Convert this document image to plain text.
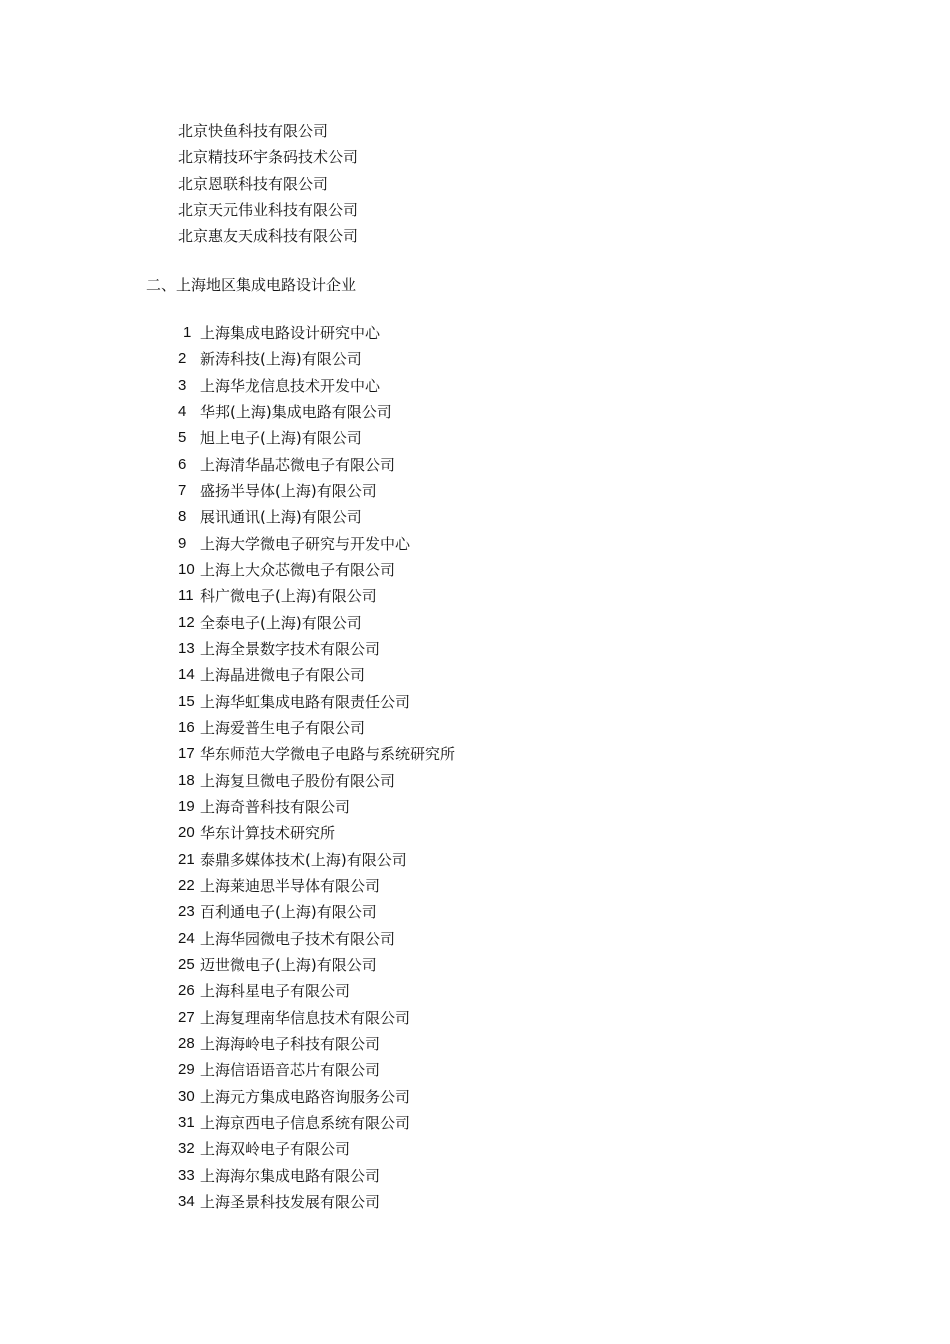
北京快鱼科技有限公司
北京精技环宇条码技术公司
北京恩联科技有限公司
北京天元伟业科技有限公司
北京惠友天成科技有限公司
二、上海地区集成电路设计企业
1 上海集成电路设计研究中心
2 新涛科技(上海)有限公司
3 上海华龙信息技术开发中心
4 华邦(上海)集成电路有限公司
5 旭上电子(上海)有限公司
6 上海清华晶芯微电子有限公司
7 盛扬半导体(上海)有限公司
8 展讯通讯(上海)有限公司
9 上海大学微电子研究与开发中心
10 上海上大众芯微电子有限公司
11 科广微电子(上海)有限公司
12 全泰电子(上海)有限公司
13 上海全景数字技术有限公司
14 上海晶进微电子有限公司
15 上海华虹集成电路有限责任公司
16 上海爱普生电子有限公司
17 华东师范大学微电子电路与系统研究所
18 上海复旦微电子股份有限公司
19 上海奇普科技有限公司
20 华东计算技术研究所
21 泰鼎多媒体技术(上海)有限公司
22 上海莱迪思半导体有限公司
23 百利通电子(上海)有限公司
24 上海华园微电子技术有限公司
25 迈世微电子(上海)有限公司
26 上海科星电子有限公司
27 上海复理南华信息技术有限公司
28 上海海岭电子科技有限公司
29 上海信语语音芯片有限公司
30 上海元方集成电路咨询服务公司
31 上海京西电子信息系统有限公司
32 上海双岭电子有限公司
33 上海海尔集成电路有限公司
34 上海圣景科技发展有限公司
